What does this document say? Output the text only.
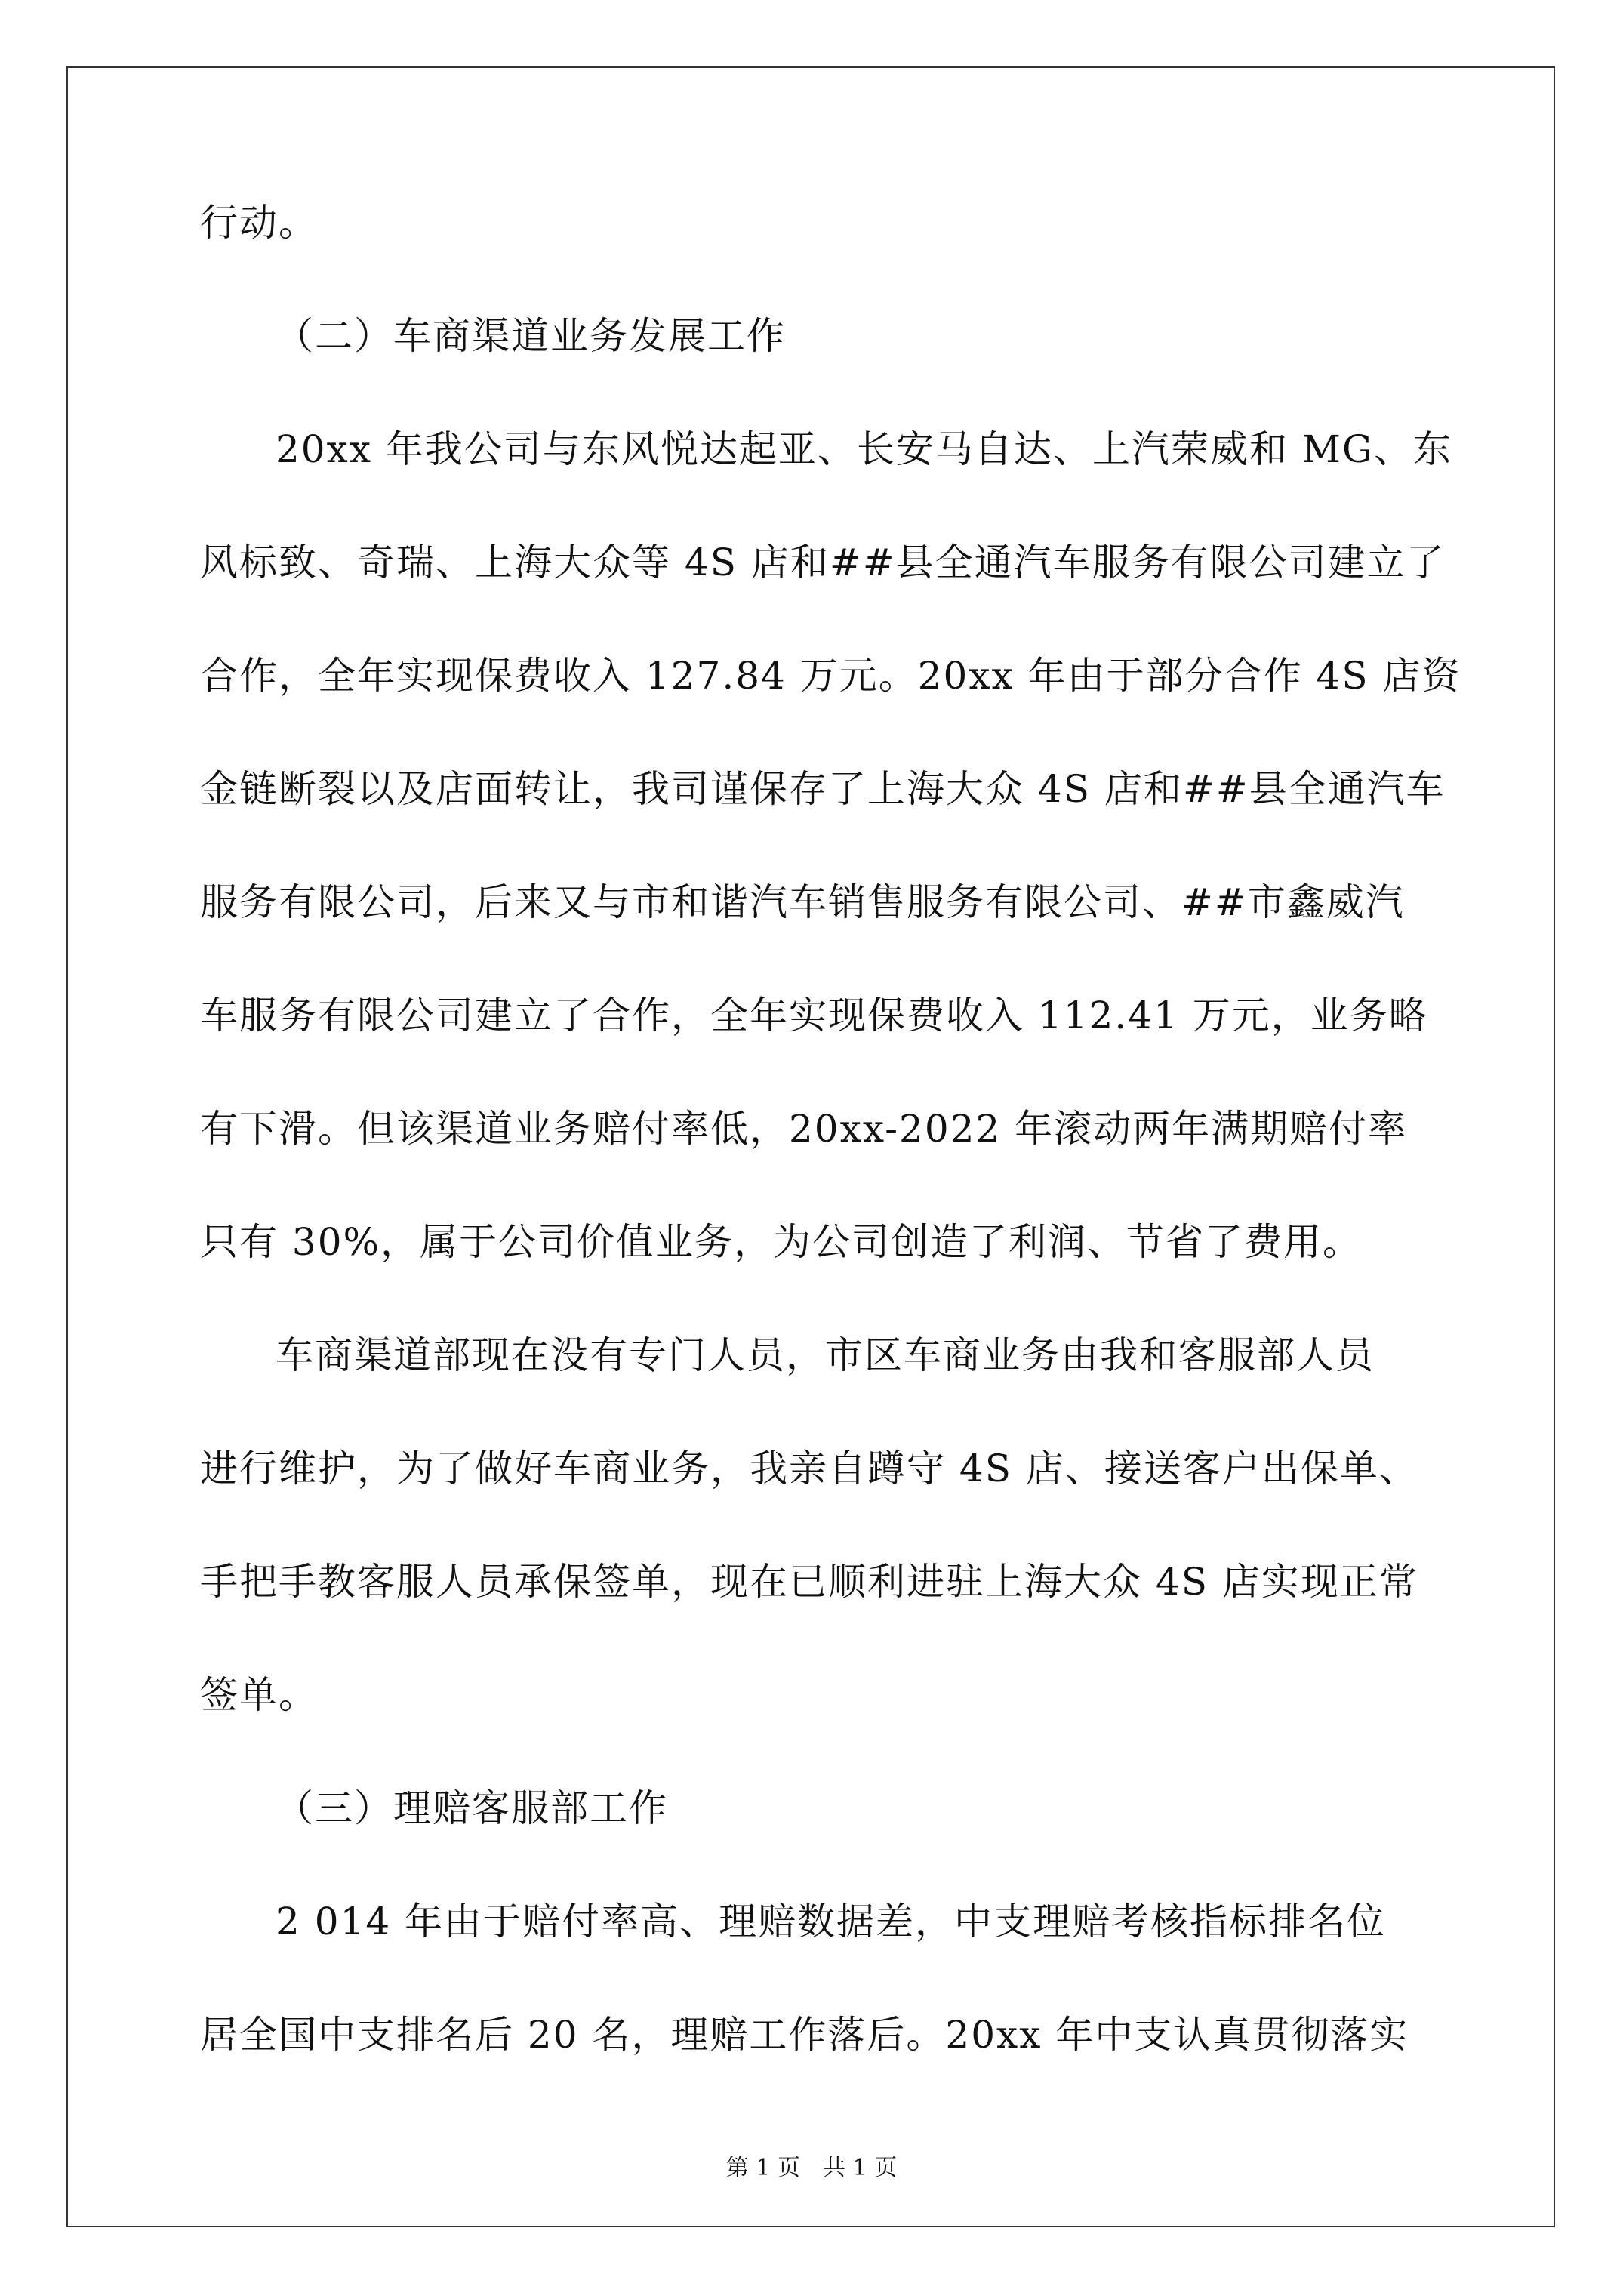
行动。
（二）车商渠道业务发展工作
20xx 年我公司与东风悦达起亚、长安马自达、上汽荣威和 MG、东
风标致、奇瑞、上海大众等 4S 店和##县全通汽车服务有限公司建立了
合作，全年实现保费收入 127.84 万元。20xx 年由于部分合作 4S 店资
金链断裂以及店面转让，我司谨保存了上海大众 4S 店和##县全通汽车
服务有限公司，后来又与市和谐汽车销售服务有限公司、##市鑫威汽
车服务有限公司建立了合作，全年实现保费收入 112.41 万元，业务略
有下滑。但该渠道业务赔付率低，20xx-2022 年滚动两年满期赔付率
只有 30%，属于公司价值业务，为公司创造了利润、节省了费用。
车商渠道部现在没有专门人员，市区车商业务由我和客服部人员
进行维护，为了做好车商业务，我亲自蹲守 4S 店、接送客户出保单、
手把手教客服人员承保签单，现在已顺利进驻上海大众 4S 店实现正常
签单。
（三）理赔客服部工作
2 014 年由于赔付率高、理赔数据差，中支理赔考核指标排名位
居全国中支排名后 20 名，理赔工作落后。20xx 年中支认真贯彻落实
第 1 页　共 1 页
